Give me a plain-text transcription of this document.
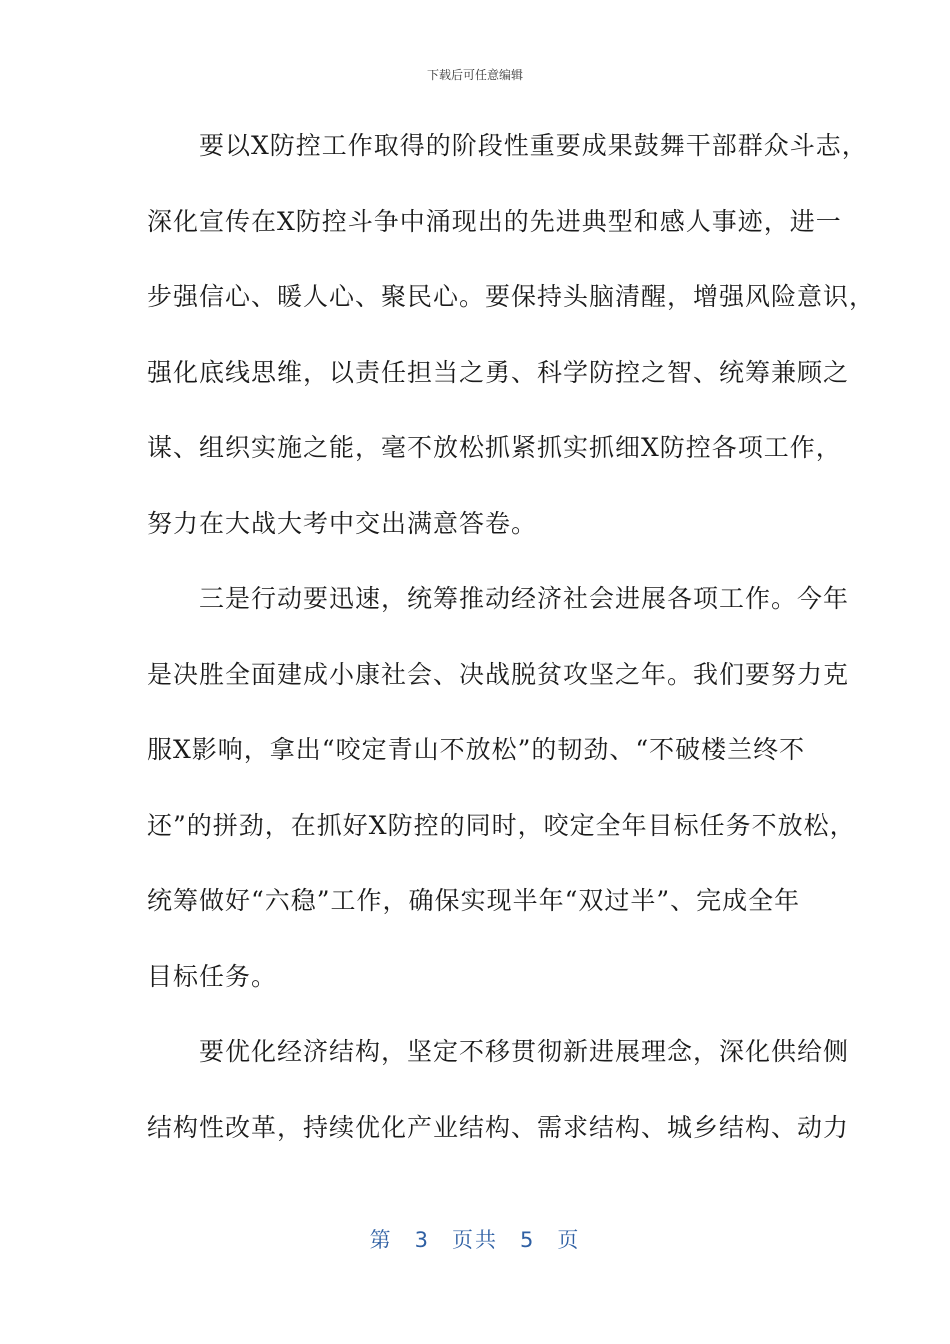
下载后可任意编辑
　　要以X防控工作取得的阶段性重要成果鼓舞干部群众斗志，
深化宣传在X防控斗争中涌现出的先进典型和感人事迹，进一
步强信心、暖人心、聚民心。要保持头脑清醒，增强风险意识，
强化底线思维，以责任担当之勇、科学防控之智、统筹兼顾之
谋、组织实施之能，毫不放松抓紧抓实抓细X防控各项工作，
努力在大战大考中交出满意答卷。
　　三是行动要迅速，统筹推动经济社会进展各项工作。今年
是决胜全面建成小康社会、决战脱贫攻坚之年。我们要努力克
服X影响，拿出“咬定青山不放松”的韧劲、“不破楼兰终不
还”的拼劲，在抓好X防控的同时，咬定全年目标任务不放松，
统筹做好“六稳”工作，确保实现半年“双过半”、完成全年
目标任务。
　　要优化经济结构，坚定不移贯彻新进展理念，深化供给侧
结构性改革，持续优化产业结构、需求结构、城乡结构、动力
第 3 页共 5 页
